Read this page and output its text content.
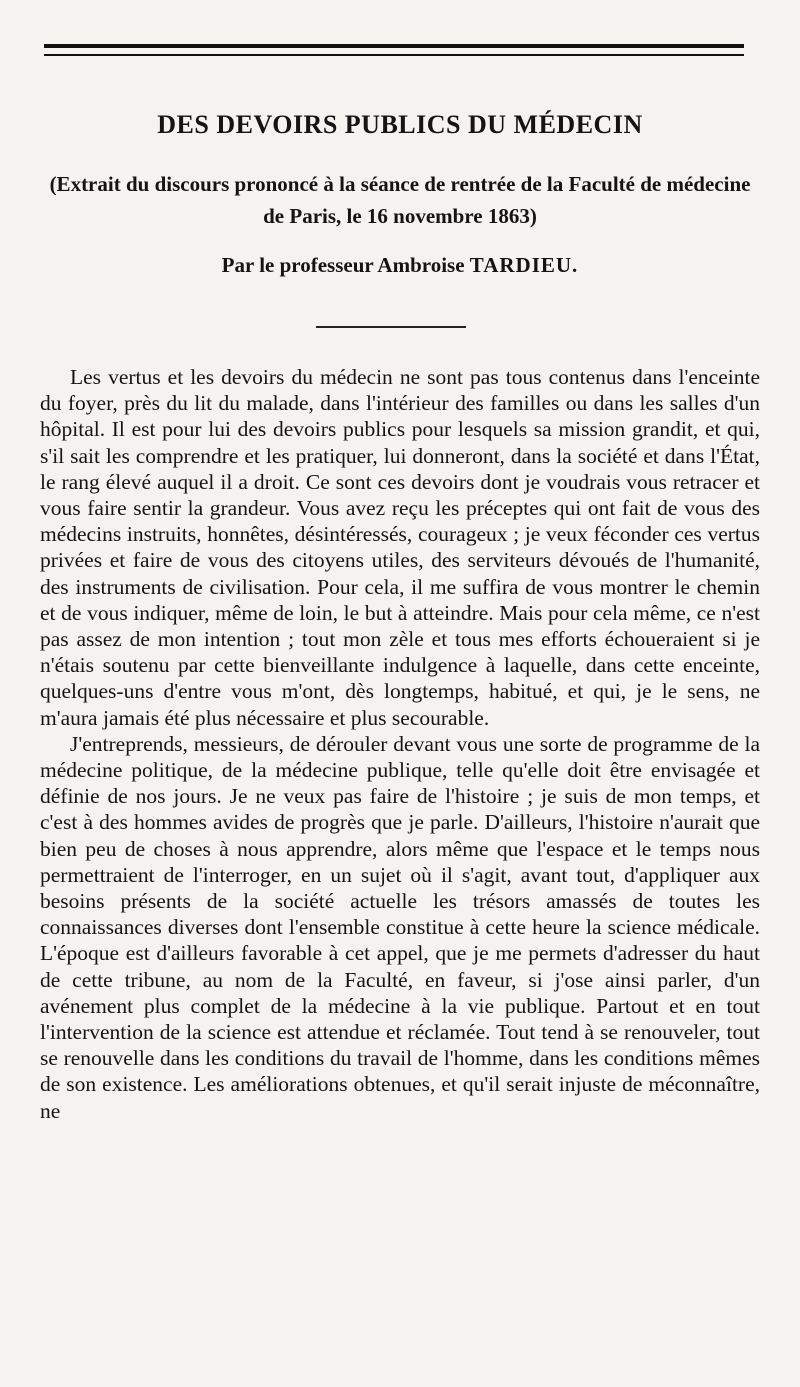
DES DEVOIRS PUBLICS DU MÉDECIN
(Extrait du discours prononcé à la séance de rentrée de la Faculté de médecine de Paris, le 16 novembre 1863)
Par le professeur Ambroise TARDIEU.

Les vertus et les devoirs du médecin ne sont pas tous contenus dans l'enceinte du foyer, près du lit du malade, dans l'intérieur des familles ou dans les salles d'un hôpital. Il est pour lui des devoirs publics pour lesquels sa mission grandit, et qui, s'il sait les comprendre et les pratiquer, lui donneront, dans la société et dans l'État, le rang élevé auquel il a droit. Ce sont ces devoirs dont je voudrais vous retracer et vous faire sentir la grandeur. Vous avez reçu les préceptes qui ont fait de vous des médecins instruits, honnêtes, désintéressés, courageux ; je veux féconder ces vertus privées et faire de vous des citoyens utiles, des serviteurs dévoués de l'humanité, des instruments de civilisation. Pour cela, il me suffira de vous montrer le chemin et de vous indiquer, même de loin, le but à atteindre. Mais pour cela même, ce n'est pas assez de mon intention ; tout mon zèle et tous mes efforts échoueraient si je n'étais soutenu par cette bienveillante indulgence à laquelle, dans cette enceinte, quelques-uns d'entre vous m'ont, dès longtemps, habitué, et qui, je le sens, ne m'aura jamais été plus nécessaire et plus secourable.

J'entreprends, messieurs, de dérouler devant vous une sorte de programme de la médecine politique, de la médecine publique, telle qu'elle doit être envisagée et définie de nos jours. Je ne veux pas faire de l'histoire ; je suis de mon temps, et c'est à des hommes avides de progrès que je parle. D'ailleurs, l'histoire n'aurait que bien peu de choses à nous apprendre, alors même que l'espace et le temps nous permettraient de l'interroger, en un sujet où il s'agit, avant tout, d'appliquer aux besoins présents de la société actuelle les trésors amassés de toutes les connaissances diverses dont l'ensemble constitue à cette heure la science médicale. L'époque est d'ailleurs favorable à cet appel, que je me permets d'adresser du haut de cette tribune, au nom de la Faculté, en faveur, si j'ose ainsi parler, d'un avénement plus complet de la médecine à la vie publique. Partout et en tout l'intervention de la science est attendue et réclamée. Tout tend à se renouveler, tout se renouvelle dans les conditions du travail de l'homme, dans les conditions mêmes de son existence. Les améliorations obtenues, et qu'il serait injuste de méconnaître, ne
